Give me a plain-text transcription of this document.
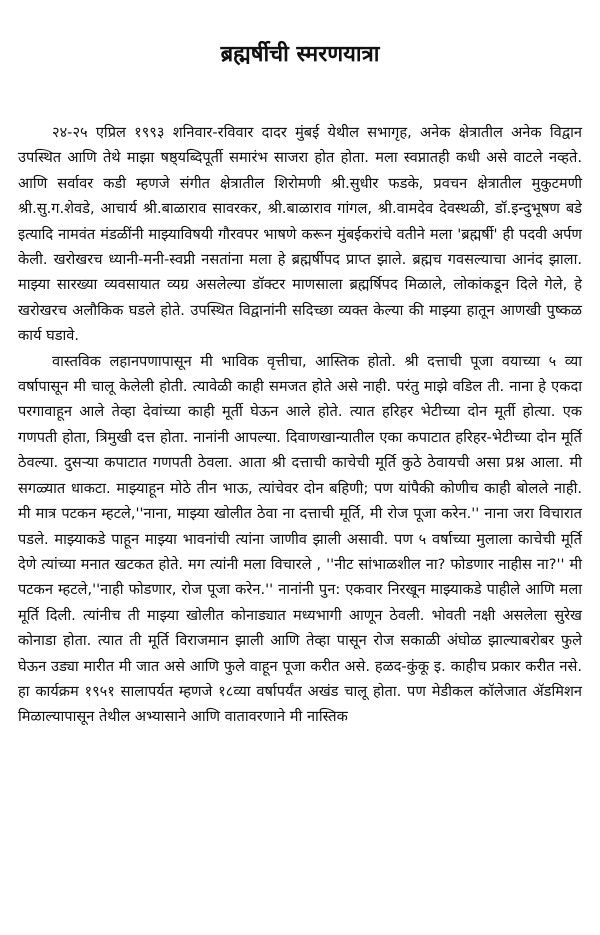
ब्रह्मर्षीची स्मरणयात्रा

२४-२५ एप्रिल १९९३ शनिवार-रविवार दादर मुंबई येथील सभागृह, अनेक क्षेत्रातील अनेक विद्वान उपस्थित आणि तेथे माझा षष्ठ्यब्दिपूर्ती समारंभ साजरा होत होता. मला स्वप्नातही कधी असे वाटले नव्हते. आणि सर्वावर कडी म्हणजे संगीत क्षेत्रातील शिरोमणी श्री.सुधीर फडके, प्रवचन क्षेत्रातील मुकुटमणी श्री.सु.ग.शेवडे, आचार्य श्री.बाळाराव सावरकर, श्री.बाळाराव गांगल, श्री.वामदेव देवस्थळी, डॉ.इन्दुभूषण बडे इत्यादि नामवंत मंडळींनी माझ्याविषयी गौरवपर भाषणे करून मुंबईकरांचे वतीने मला 'ब्रह्मर्षी' ही पदवी अर्पण केली. खरोखरच ध्यानी-मनी-स्वप्नी नसतांना मला हे ब्रह्मर्षीपद प्राप्त झाले. ब्रह्मच गवसल्याचा आनंद झाला. माझ्या सारख्या व्यवसायात व्यग्र असलेल्या डॉक्टर माणसाला ब्रह्मर्षिपद मिळाले, लोकांकडून दिले गेले, हे खरोखरच अलौकिक घडले होते. उपस्थित विद्वानांनी सदिच्छा व्यक्त केल्या की माझ्या हातून आणखी पुष्कळ कार्य घडावे.

वास्तविक लहानपणापासून मी भाविक वृत्तीचा, आस्तिक होतो. श्री दत्ताची पूजा वयाच्या ५ व्या वर्षापासून मी चालू केलेली होती. त्यावेळी काही समजत होते असे नाही. परंतु माझे वडिल ती. नाना हे एकदा परगावाहून आले तेव्हा देवांच्या काही मूर्ती घेऊन आले होते. त्यात हरिहर भेटीच्या दोन मूर्ती होत्या. एक गणपती होता, त्रिमुखी दत्त होता. नानांनी आपल्या. दिवाणखान्यातील एका कपाटात हरिहर-भेटीच्या दोन मूर्ति ठेवल्या. दुसऱ्या कपाटात गणपती ठेवला. आता श्री दत्ताची काचेची मूर्ति कुठे ठेवायची असा प्रश्न आला. मी सगळ्यात धाकटा. माझ्याहून मोठे तीन भाऊ, त्यांचेवर दोन बहिणी; पण यांपैकी कोणीच काही बोलले नाही. मी मात्र पटकन म्हटले,''नाना, माझ्या खोलीत ठेवा ना दत्ताची मूर्ति, मी रोज पूजा करेन.'' नाना जरा विचारात पडले. माझ्याकडे पाहून माझ्या भावनांची त्यांना जाणीव झाली असावी. पण ५ वर्षाच्या मुलाला काचेची मूर्ति देणे त्यांच्या मनात खटकत होते. मग त्यांनी मला विचारले , ''नीट सांभाळशील ना? फोडणार नाहीस ना?'' मी पटकन म्हटले,''नाही फोडणार, रोज पूजा करेन.'' नानांनी पुन: एकवार निरखून माझ्याकडे पाहीले आणि मला मूर्ति दिली. त्यांनीच ती माझ्या खोलीत कोनाड्यात मध्यभागी आणून ठेवली. भोवती नक्षी असलेला सुरेख कोनाडा होता. त्यात ती मूर्ति विराजमान झाली आणि तेव्हा पासून रोज सकाळी अंघोळ झाल्याबरोबर फुले घेऊन उड्या मारीत मी जात असे आणि फुले वाहून पूजा करीत असे. हळद-कुंकू इ. काहीच प्रकार करीत नसे. हा कार्यक्रम १९५१ सालापर्यत म्हणजे १८व्या वर्षापर्यंत अखंड चालू होता. पण मेडीकल कॉलेजात ॲडमिशन मिळाल्यापासून तेथील अभ्यासाने आणि वातावरणाने मी नास्तिक
